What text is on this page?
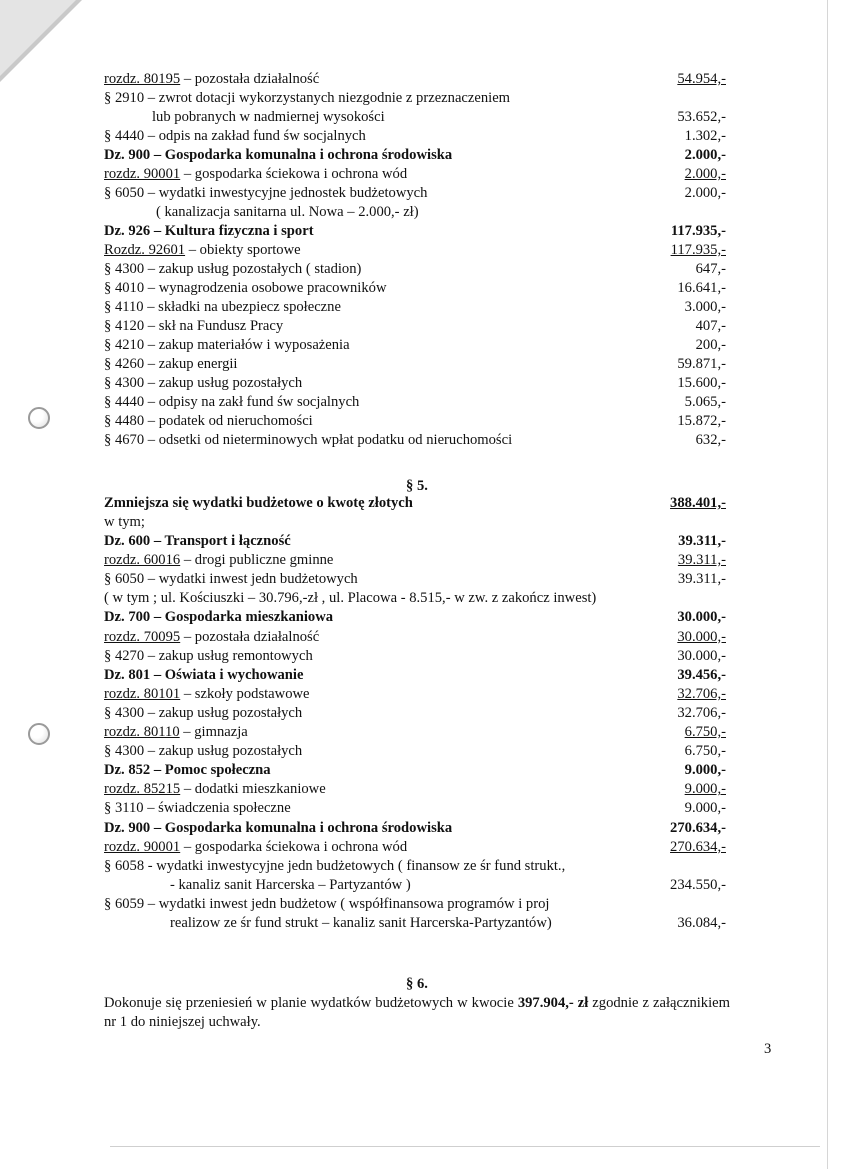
rozdz. 80195 – pozostała działalność	54.954,-
§ 2910 – zwrot dotacji wykorzystanych niezgodnie z przeznaczeniem
lub pobranych w nadmiernej wysokości	53.652,-
§ 4440 – odpis na zakład fund św socjalnych	1.302,-
Dz. 900 – Gospodarka komunalna i ochrona środowiska	2.000,-
rozdz. 90001 – gospodarka ściekowa i ochrona wód	2.000,-
§ 6050 – wydatki inwestycyjne jednostek budżetowych	2.000,-
( kanalizacja sanitarna ul. Nowa – 2.000,- zł)
Dz. 926 – Kultura fizyczna i sport	117.935,-
Rozdz. 92601 – obiekty sportowe	117.935,-
§ 4300 – zakup usług pozostałych ( stadion)	647,-
§ 4010 – wynagrodzenia osobowe pracowników	16.641,-
§ 4110 – składki na ubezpiecz społeczne	3.000,-
§ 4120 – skł na Fundusz Pracy	407,-
§ 4210 – zakup materiałów i wyposażenia	200,-
§ 4260 – zakup energii	59.871,-
§ 4300 – zakup usług pozostałych	15.600,-
§ 4440 – odpisy na zakł fund św socjalnych	5.065,-
§ 4480 – podatek od nieruchomości	15.872,-
§ 4670 – odsetki od nieterminowych wpłat podatku od nieruchomości	632,-
§ 5.
Zmniejsza się wydatki budżetowe o kwotę złotych	388.401,-
w tym;
Dz. 600 – Transport i łączność	39.311,-
rozdz. 60016 – drogi publiczne gminne	39.311,-
§ 6050 – wydatki inwest jedn budżetowych	39.311,-
( w tym ; ul. Kościuszki – 30.796,-zł , ul. Placowa - 8.515,- w zw. z zakończ inwest)
Dz. 700 – Gospodarka mieszkaniowa	30.000,-
rozdz. 70095 – pozostała działalność	30.000,-
§ 4270 – zakup usług remontowych	30.000,-
Dz. 801 – Oświata i wychowanie	39.456,-
rozdz. 80101 – szkoły podstawowe	32.706,-
§ 4300 – zakup usług pozostałych	32.706,-
rozdz. 80110 – gimnazja	6.750,-
§ 4300 – zakup usług pozostałych	6.750,-
Dz. 852 – Pomoc społeczna	9.000,-
rozdz. 85215 – dodatki mieszkaniowe	9.000,-
§ 3110 – świadczenia społeczne	9.000,-
Dz. 900 – Gospodarka komunalna i ochrona środowiska	270.634,-
rozdz. 90001 – gospodarka ściekowa i ochrona wód	270.634,-
§ 6058 - wydatki inwestycyjne jedn budżetowych ( finansow ze śr fund strukt.,
- kanaliz sanit Harcerska – Partyzantów )	234.550,-
§ 6059 – wydatki inwest jedn budżetow ( współfinansowa programów i proj
realizow ze śr fund strukt – kanaliz sanit Harcerska-Partyzantów)	36.084,-
§ 6.
Dokonuje się przeniesień w planie wydatków budżetowych w kwocie 397.904,- zł zgodnie z załącznikiem nr 1 do niniejszej uchwały.
3
